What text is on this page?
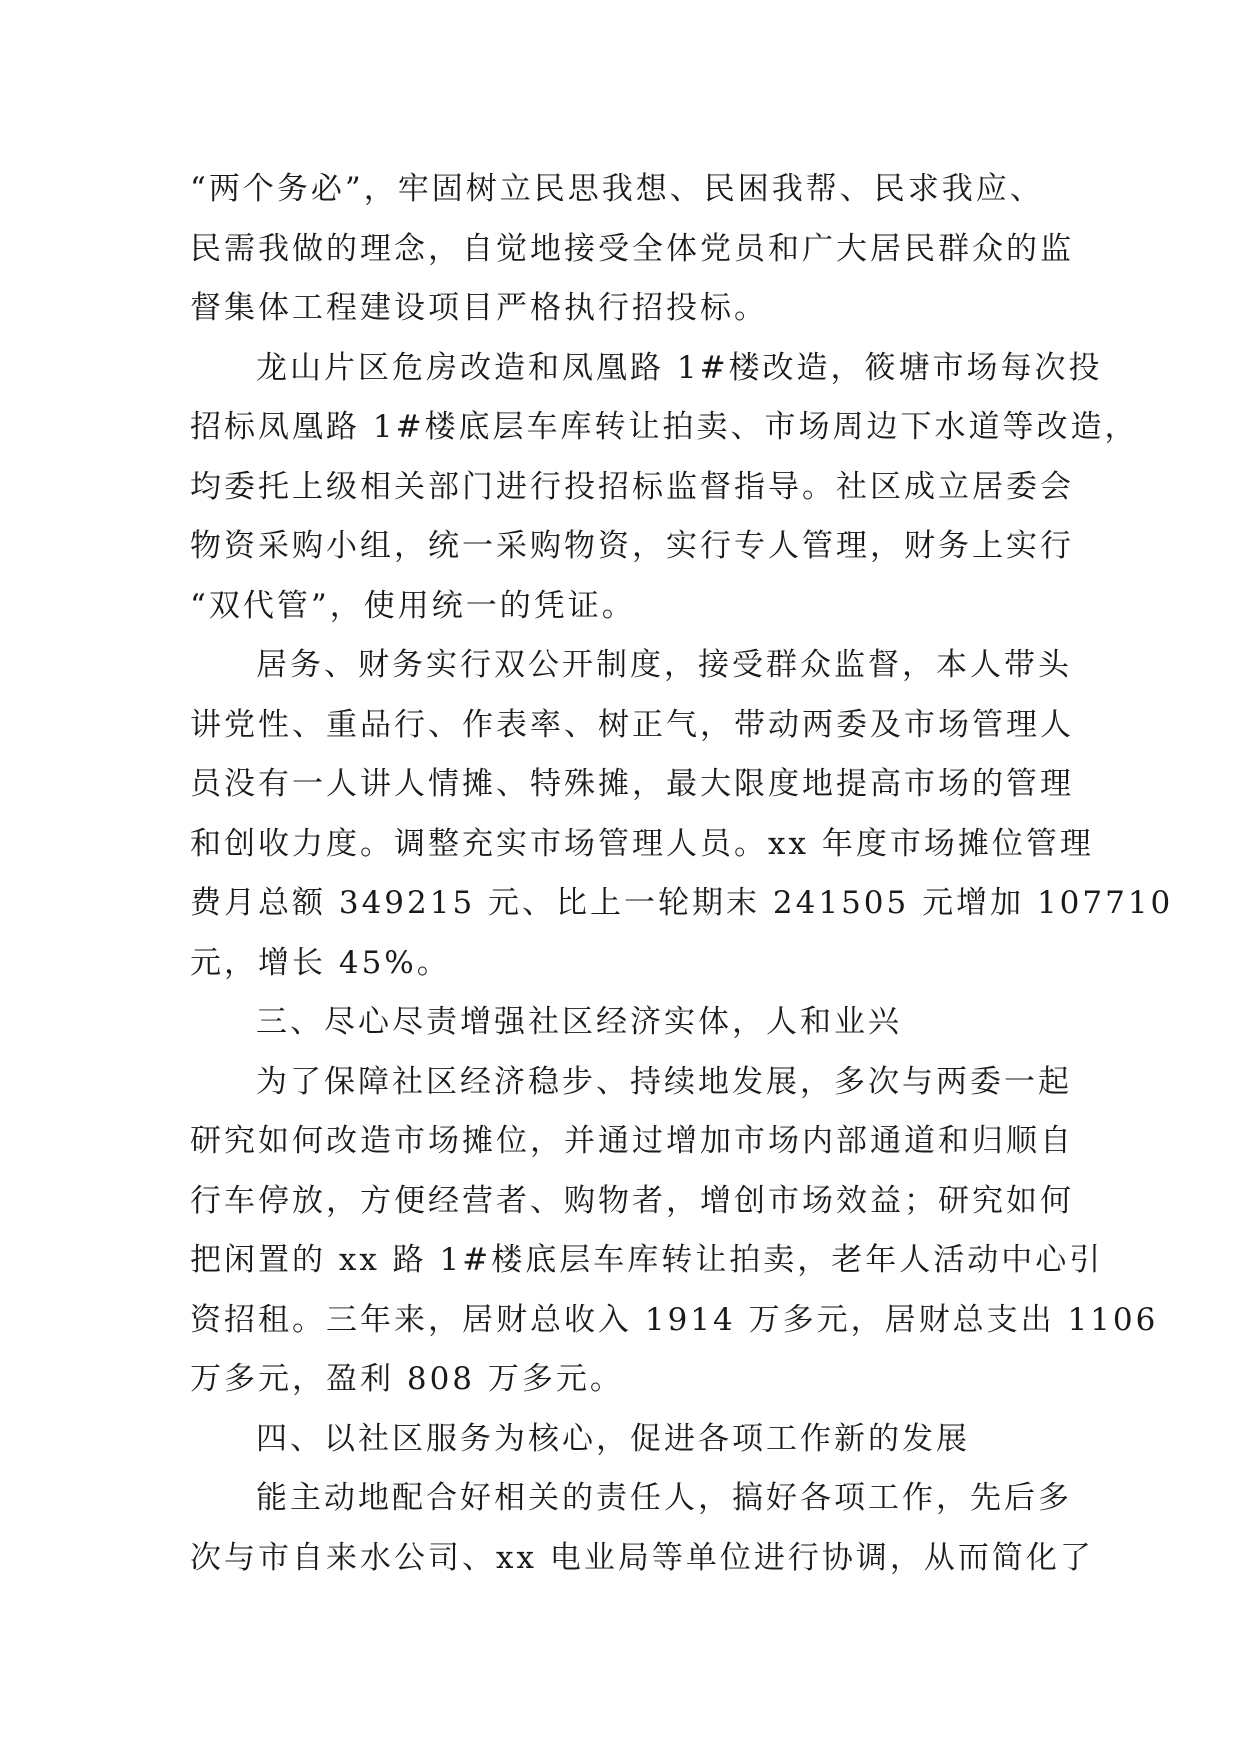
“两个务必”，牢固树立民思我想、民困我帮、民求我应、
民需我做的理念，自觉地接受全体党员和广大居民群众的监
督集体工程建设项目严格执行招投标。
龙山片区危房改造和凤凰路 1#楼改造，筱塘市场每次投
招标凤凰路 1#楼底层车库转让拍卖、市场周边下水道等改造，
均委托上级相关部门进行投招标监督指导。社区成立居委会
物资采购小组，统一采购物资，实行专人管理，财务上实行
“双代管”，使用统一的凭证。
居务、财务实行双公开制度，接受群众监督，本人带头
讲党性、重品行、作表率、树正气，带动两委及市场管理人
员没有一人讲人情摊、特殊摊，最大限度地提高市场的管理
和创收力度。调整充实市场管理人员。xx 年度市场摊位管理
费月总额 349215 元、比上一轮期末 241505 元增加 107710
元，增长 45%。
三、尽心尽责增强社区经济实体，人和业兴
为了保障社区经济稳步、持续地发展，多次与两委一起
研究如何改造市场摊位，并通过增加市场内部通道和归顺自
行车停放，方便经营者、购物者，增创市场效益；研究如何
把闲置的 xx 路 1#楼底层车库转让拍卖，老年人活动中心引
资招租。三年来，居财总收入 1914 万多元，居财总支出 1106
万多元，盈利 808 万多元。
四、以社区服务为核心，促进各项工作新的发展
能主动地配合好相关的责任人，搞好各项工作，先后多
次与市自来水公司、xx 电业局等单位进行协调，从而简化了
